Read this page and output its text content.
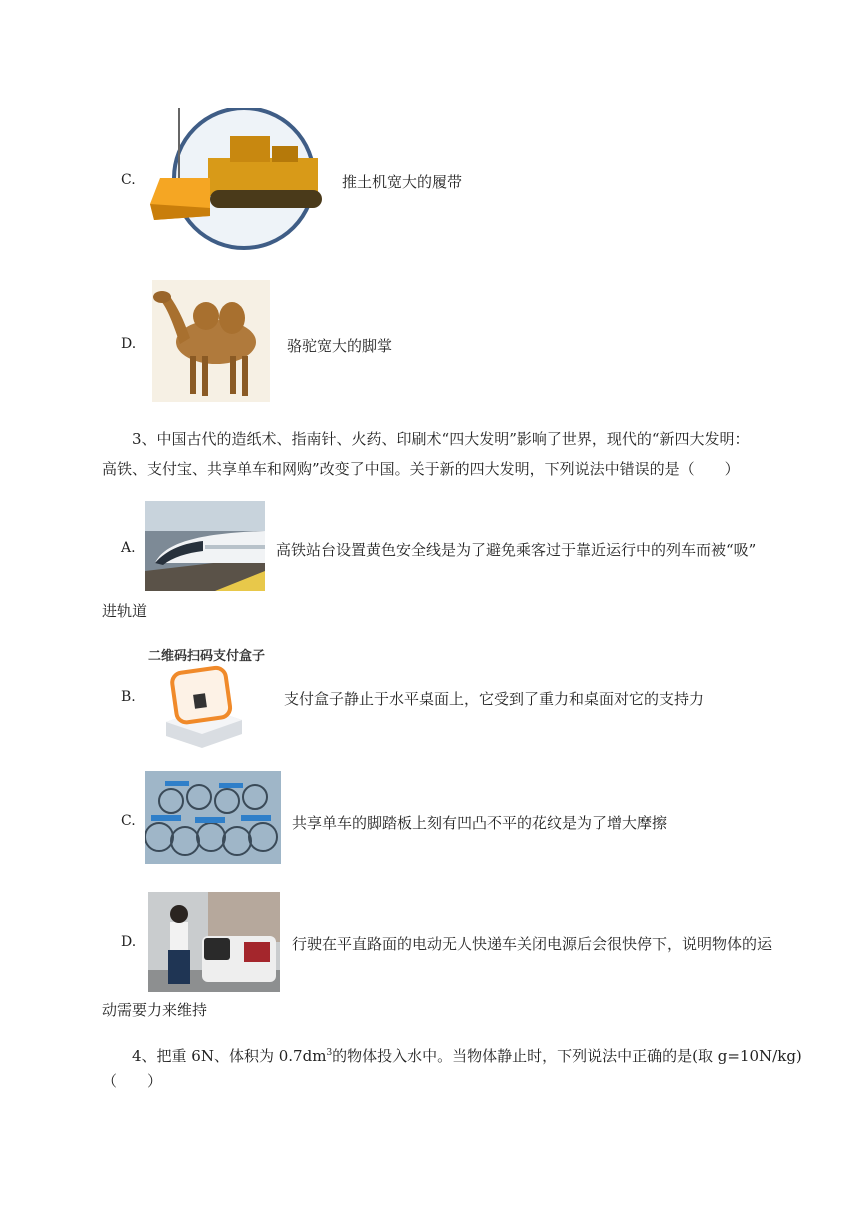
C.	推土机宽大的履带
D.	骆驼宽大的脚掌
3、中国古代的造纸术、指南针、火药、印刷术“四大发明”影响了世界，现代的“新四大发明：
高铁、支付宝、共享单车和网购”改变了中国。关于新的四大发明，下列说法中错误的是（　　）
A.	高铁站台设置黄色安全线是为了避免乘客过于靠近运行中的列车而被“吸”
进轨道
二维码扫码支付盒子
B.	支付盒子静止于水平桌面上，它受到了重力和桌面对它的支持力
C.	共享单车的脚踏板上刻有凹凸不平的花纹是为了增大摩擦
D.	行驶在平直路面的电动无人快递车关闭电源后会很快停下，说明物体的运
动需要力来维持
4、把重 6N、体积为 $0.7dm^3$的物体投入水中。当物体静止时，下列说法中正确的是(取 g=10N/kg)
（　　）
